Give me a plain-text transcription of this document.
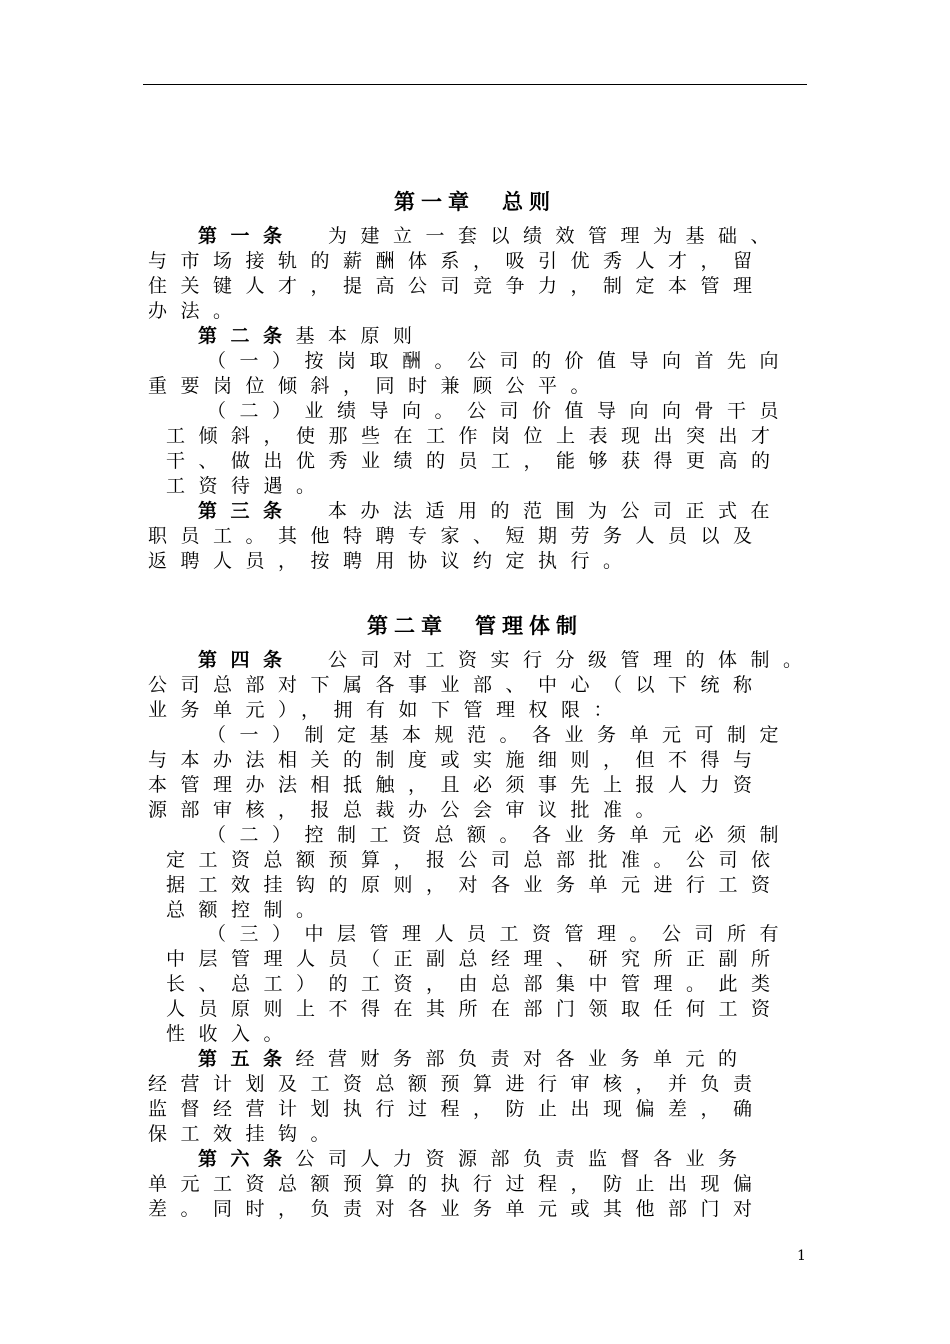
第一章　总则
第一条　为建立一套以绩效管理为基础、
与市场接轨的薪酬体系，吸引优秀人才，留
住关键人才，提高公司竞争力，制定本管理
办法。
第二条基本原则
（一）按岗取酬。公司的价值导向首先向
重要岗位倾斜，同时兼顾公平。
（二）业绩导向。公司价值导向向骨干员
工倾斜，使那些在工作岗位上表现出突出才
干、做出优秀业绩的员工，能够获得更高的
工资待遇。
第三条　本办法适用的范围为公司正式在
职员工。其他特聘专家、短期劳务人员以及
返聘人员，按聘用协议约定执行。
第二章　管理体制
第四条　公司对工资实行分级管理的体制。
公司总部对下属各事业部、中心（以下统称
业务单元），拥有如下管理权限：
（一）制定基本规范。各业务单元可制定
与本办法相关的制度或实施细则，但不得与
本管理办法相抵触，且必须事先上报人力资
源部审核，报总裁办公会审议批准。
（二）控制工资总额。各业务单元必须制
定工资总额预算，报公司总部批准。公司依
据工效挂钩的原则，对各业务单元进行工资
总额控制。
（三）中层管理人员工资管理。公司所有
中层管理人员（正副总经理、研究所正副所
长、总工）的工资，由总部集中管理。此类
人员原则上不得在其所在部门领取任何工资
性收入。
第五条经营财务部负责对各业务单元的
经营计划及工资总额预算进行审核，并负责
监督经营计划执行过程，防止出现偏差，确
保工效挂钩。
第六条公司人力资源部负责监督各业务
单元工资总额预算的执行过程，防止出现偏
差。同时，负责对各业务单元或其他部门对
1
